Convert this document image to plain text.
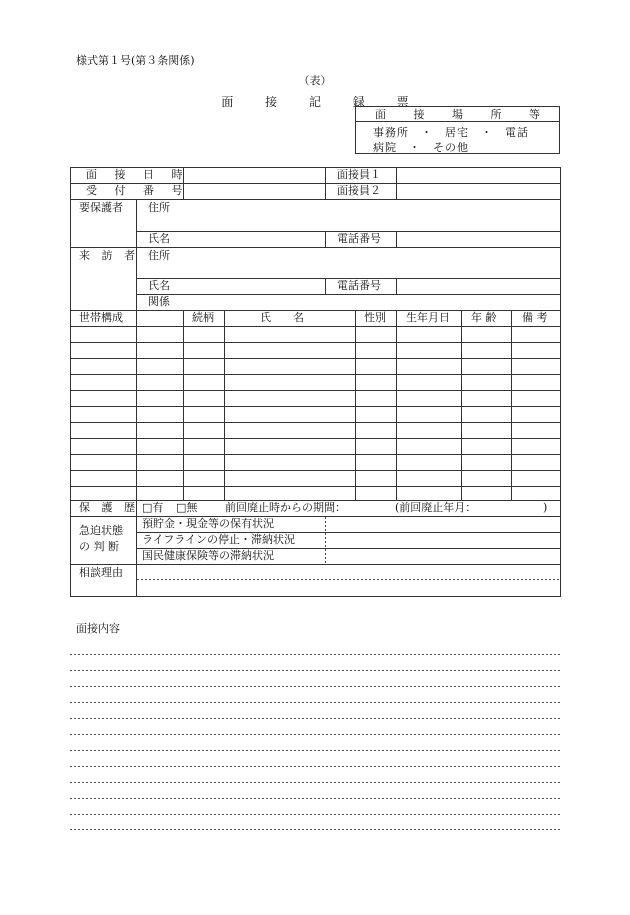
様式第１号(第３条関係)
（表）
面 接 記 録 票
面 接 場 所 等
事務所　・　居宅　・　電話
病院　・　その他
面 接 日 時	面接員１
受 付 番 号	面接員２
要保護者 住所
氏名	電話番号
来 訪 者 住所
氏名	電話番号
関係
世帯構成	続柄	氏　　名	性別 生年月日 年 齢 備 考
保 護 歴 □有 □無	前回廃止時からの期間：	(前回廃止年月：	)
急迫状態
の 判 断
預貯金・現金等の保有状況
ライフラインの停止・滞納状況
国民健康保険等の滞納状況
相談理由
面接内容
